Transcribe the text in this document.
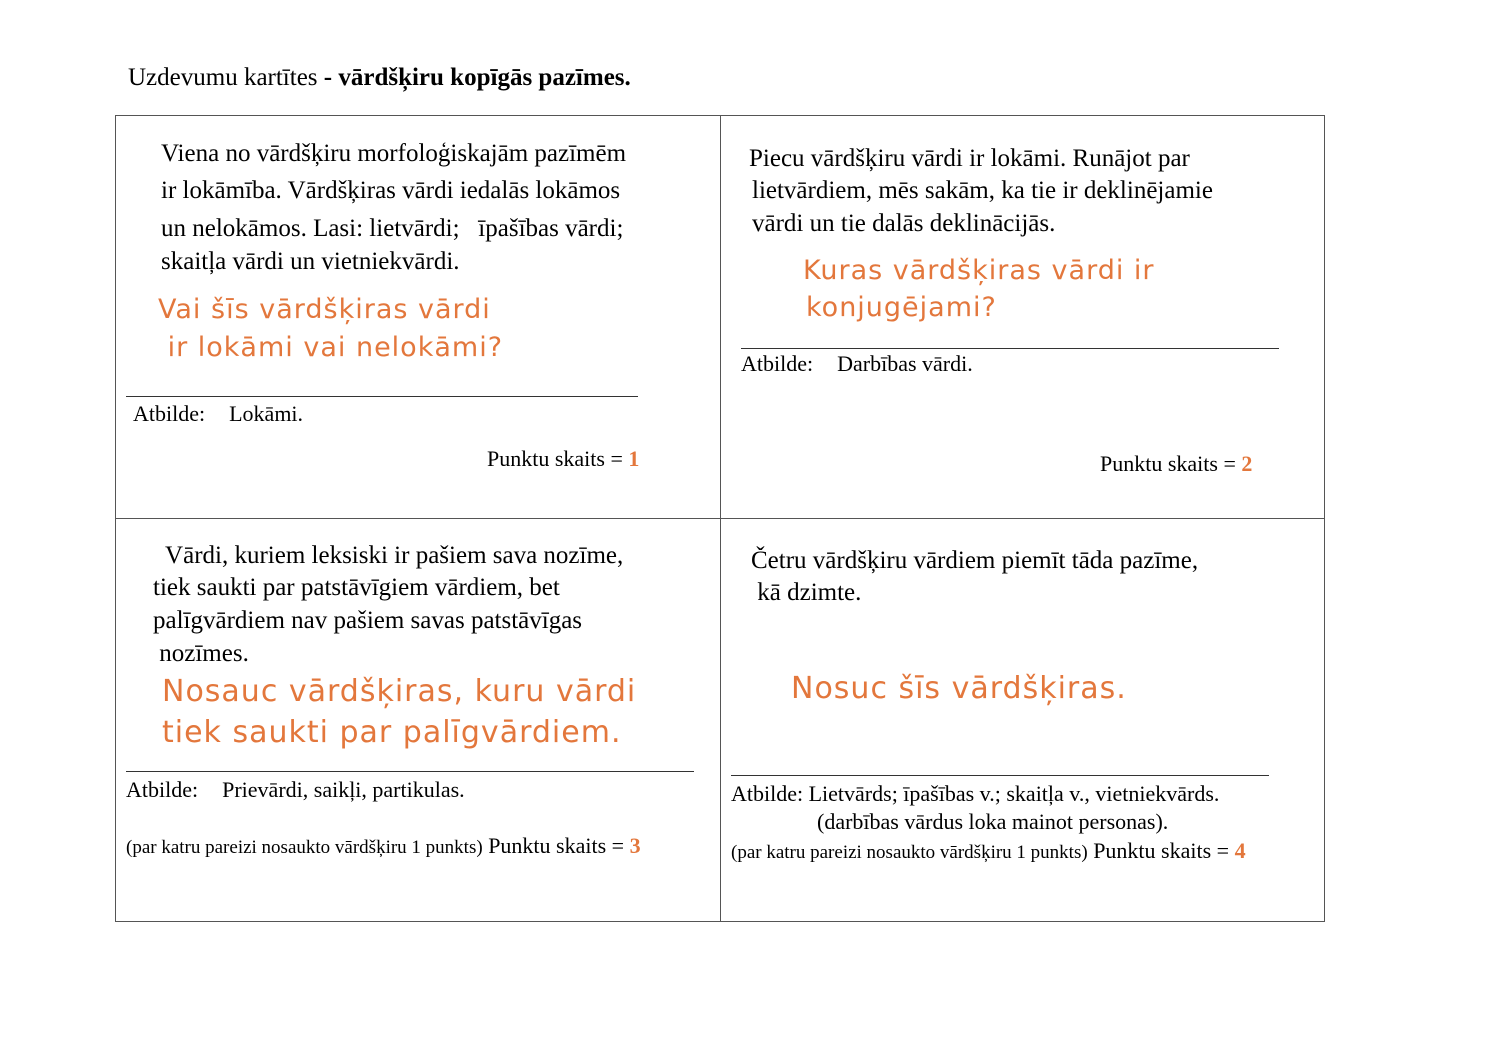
Uzdevumu kartītes - vārdšķiru kopīgās pazīmes.
Viena no vārdšķiru morfoloģiskajām pazīmēm
ir lokāmība. Vārdšķiras vārdi iedalās lokāmos
un nelokāmos. Lasi: lietvārdi;   īpašības vārdi;
skaitļa vārdi un vietniekvārdi.
Vai šīs vārdšķiras vārdi
ir lokāmi vai nelokāmi?
Atbilde: Lokāmi.
Punktu skaits = 1
Piecu vārdšķiru vārdi ir lokāmi. Runājot par
lietvārdiem, mēs sakām, ka tie ir deklinējamie
vārdi un tie dalās deklinācijās.
Kuras vārdšķiras vārdi ir
konjugējami?
Atbilde: Darbības vārdi.
Punktu skaits = 2
Vārdi, kuriem leksiski ir pašiem sava nozīme,
tiek saukti par patstāvīgiem vārdiem, bet
palīgvārdiem nav pašiem savas patstāvīgas
nozīmes.
Nosauc vārdšķiras, kuru vārdi
tiek saukti par palīgvārdiem.
Atbilde: Prievārdi, saikļi, partikulas.
(par katru pareizi nosaukto vārdšķiru 1 punkts) Punktu skaits = 3
Četru vārdšķiru vārdiem piemīt tāda pazīme,
kā dzimte.
Nosuc šīs vārdšķiras.
Atbilde: Lietvārds; īpašības v.; skaitļa v., vietniekvārds.
(darbības vārdus loka mainot personas).
(par katru pareizi nosaukto vārdšķiru 1 punkts) Punktu skaits = 4
